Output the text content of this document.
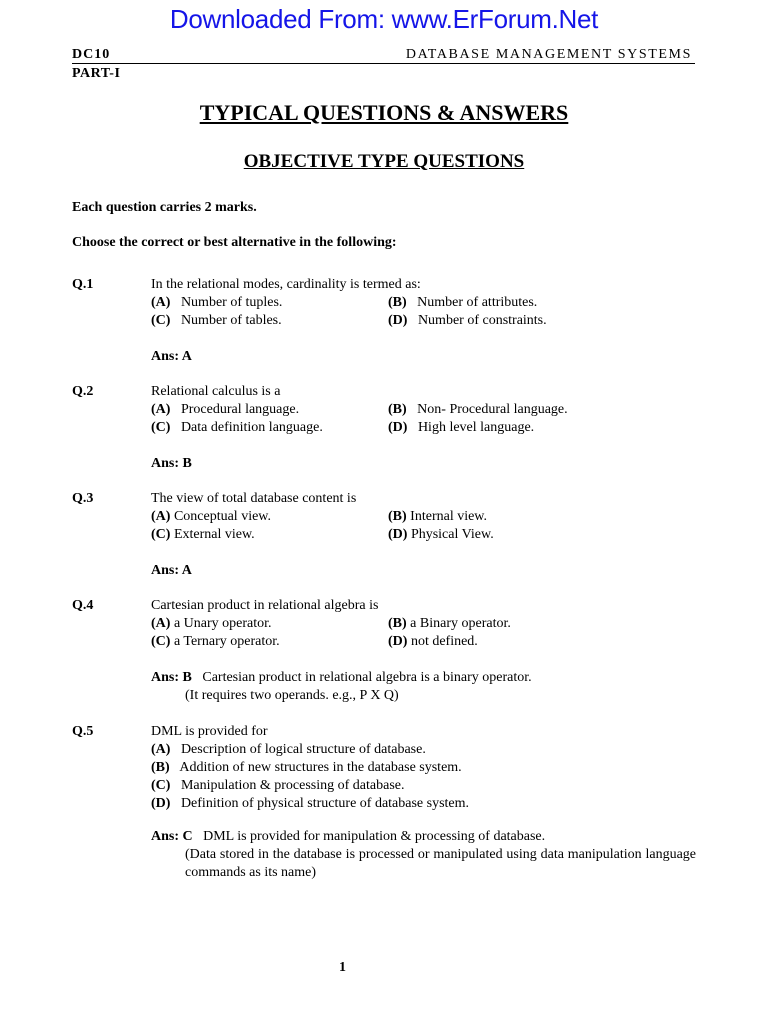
Downloaded From: www.ErForum.Net
DC10	DATABASE MANAGEMENT SYSTEMS
PART-I
TYPICAL QUESTIONS & ANSWERS
OBJECTIVE TYPE QUESTIONS
Each question carries 2 marks.
Choose the correct or best alternative in the following:
Q.1	In the relational modes, cardinality is termed as:
(A) Number of tuples.	(B) Number of attributes.
(C) Number of tables.	(D) Number of constraints.
Ans: A
Q.2	Relational calculus is a
(A) Procedural language.	(B) Non- Procedural language.
(C) Data definition language.	(D) High level language.
Ans: B
Q.3	The view of total database content is
(A) Conceptual view.	(B) Internal view.
(C) External view.	(D) Physical View.
Ans: A
Q.4	Cartesian product in relational algebra is
(A) a Unary operator.	(B) a Binary operator.
(C) a Ternary operator.	(D) not defined.
Ans: B Cartesian product in relational algebra is a binary operator.
(It requires two operands. e.g., P X Q)
Q.5	DML is provided for
(A) Description of logical structure of database.
(B) Addition of new structures in the database system.
(C) Manipulation & processing of database.
(D) Definition of physical structure of database system.
Ans: C DML is provided for manipulation & processing of database.
(Data stored in the database is processed or manipulated using data manipulation language commands as its name)
1
